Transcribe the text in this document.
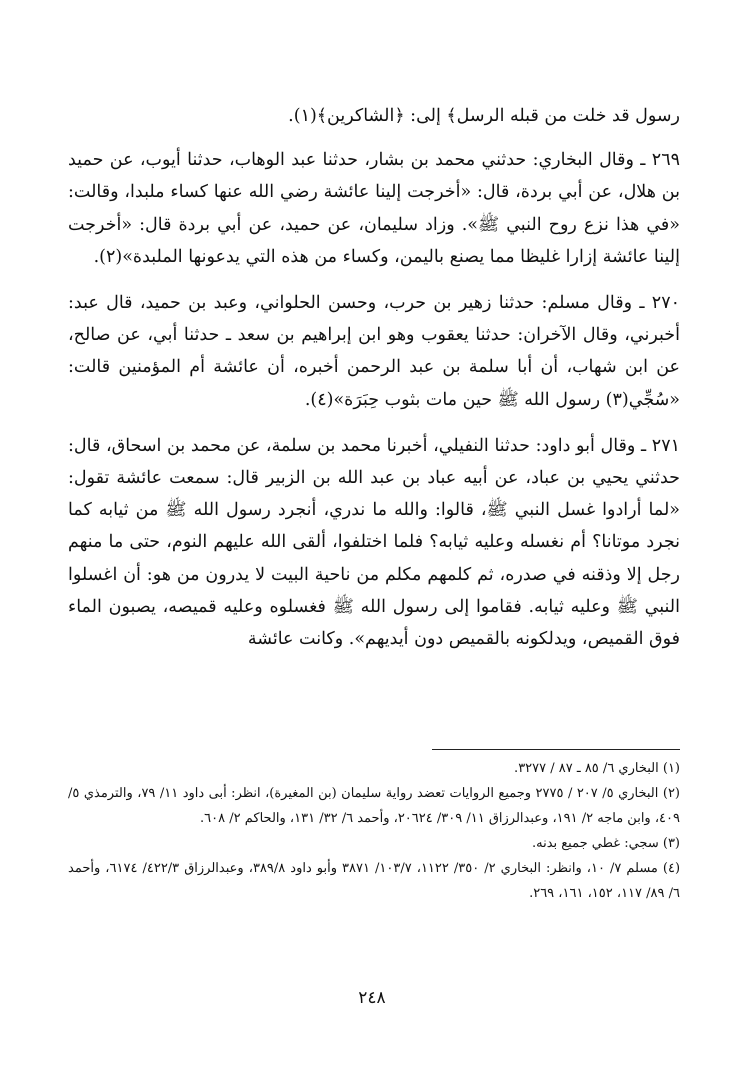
رسول قد خلت من قبله الرسل﴾ إلى: ﴿الشاكرين﴾(١).

٢٦٩ ـ وقال البخاري: حدثني محمد بن بشار، حدثنا عبد الوهاب، حدثنا أيوب، عن حميد بن هلال، عن أبي بردة، قال: «أخرجت إلينا عائشة رضي الله عنها كساء ملبدا، وقالت: «في هذا نزع روح النبي ﷺ». وزاد سليمان، عن حميد، عن أبي بردة قال: «أخرجت إلينا عائشة إزارا غليظا مما يصنع باليمن، وكساء من هذه التي يدعونها الملبدة»(٢).

٢٧٠ ـ وقال مسلم: حدثنا زهير بن حرب، وحسن الحلواني، وعبد بن حميد، قال عبد: أخبرني، وقال الآخران: حدثنا يعقوب وهو ابن إبراهيم بن سعد ـ حدثنا أبي، عن صالح، عن ابن شهاب، أن أبا سلمة بن عبد الرحمن أخبره، أن عائشة أم المؤمنين قالت: «سُجِّي(٣) رسول الله ﷺ حين مات بثوب حِبَرَة»(٤).

٢٧١ ـ وقال أبو داود: حدثنا النفيلي، أخبرنا محمد بن سلمة، عن محمد بن اسحاق، قال: حدثني يحيي بن عباد، عن أبيه عباد بن عبد الله بن الزبير قال: سمعت عائشة تقول: «لما أرادوا غسل النبي ﷺ، قالوا: والله ما ندري، أنجرد رسول الله ﷺ من ثيابه كما نجرد موتانا؟ أم نغسله وعليه ثيابه؟ فلما اختلفوا، ألقى الله عليهم النوم، حتى ما منهم رجل إلا وذقنه في صدره، ثم كلمهم مكلم من ناحية البيت لا يدرون من هو: أن اغسلوا النبي ﷺ وعليه ثيابه. فقاموا إلى رسول الله ﷺ فغسلوه وعليه قميصه، يصبون الماء فوق القميص، ويدلكونه بالقميص دون أيديهم». وكانت عائشة

(١) البخاري ٦/ ٨٥ ـ ٨٧ / ٣٢٧٧.

(٢) البخاري ٥/ ٢٠٧ / ٢٧٧٥ وجميع الروايات تعضد رواية سليمان (بن المغيرة)، انظر: أبى داود ١١/ ٧٩، والترمذي ٥/ ٤٠٩، وابن ماجه ٢/ ١٩١، وعبدالرزاق ١١/ ٣٠٩/ ٢٠٦٢٤، وأحمد ٦/ ٣٢/ ١٣١، والحاكم ٢/ ٦٠٨.

(٣) سجي: غطي جميع بدنه.

(٤) مسلم ٧/ ١٠، وانظر: البخاري ٢/ ٣٥٠/ ١١٢٢، ١٠٣/٧/ ٣٨٧١ وأبو داود ٣٨٩/٨، وعبدالرزاق ٤٢٢/٣/ ٦١٧٤، وأحمد ٦/ ٨٩/ ١١٧، ١٥٢، ١٦١، ٢٦٩.

٢٤٨
